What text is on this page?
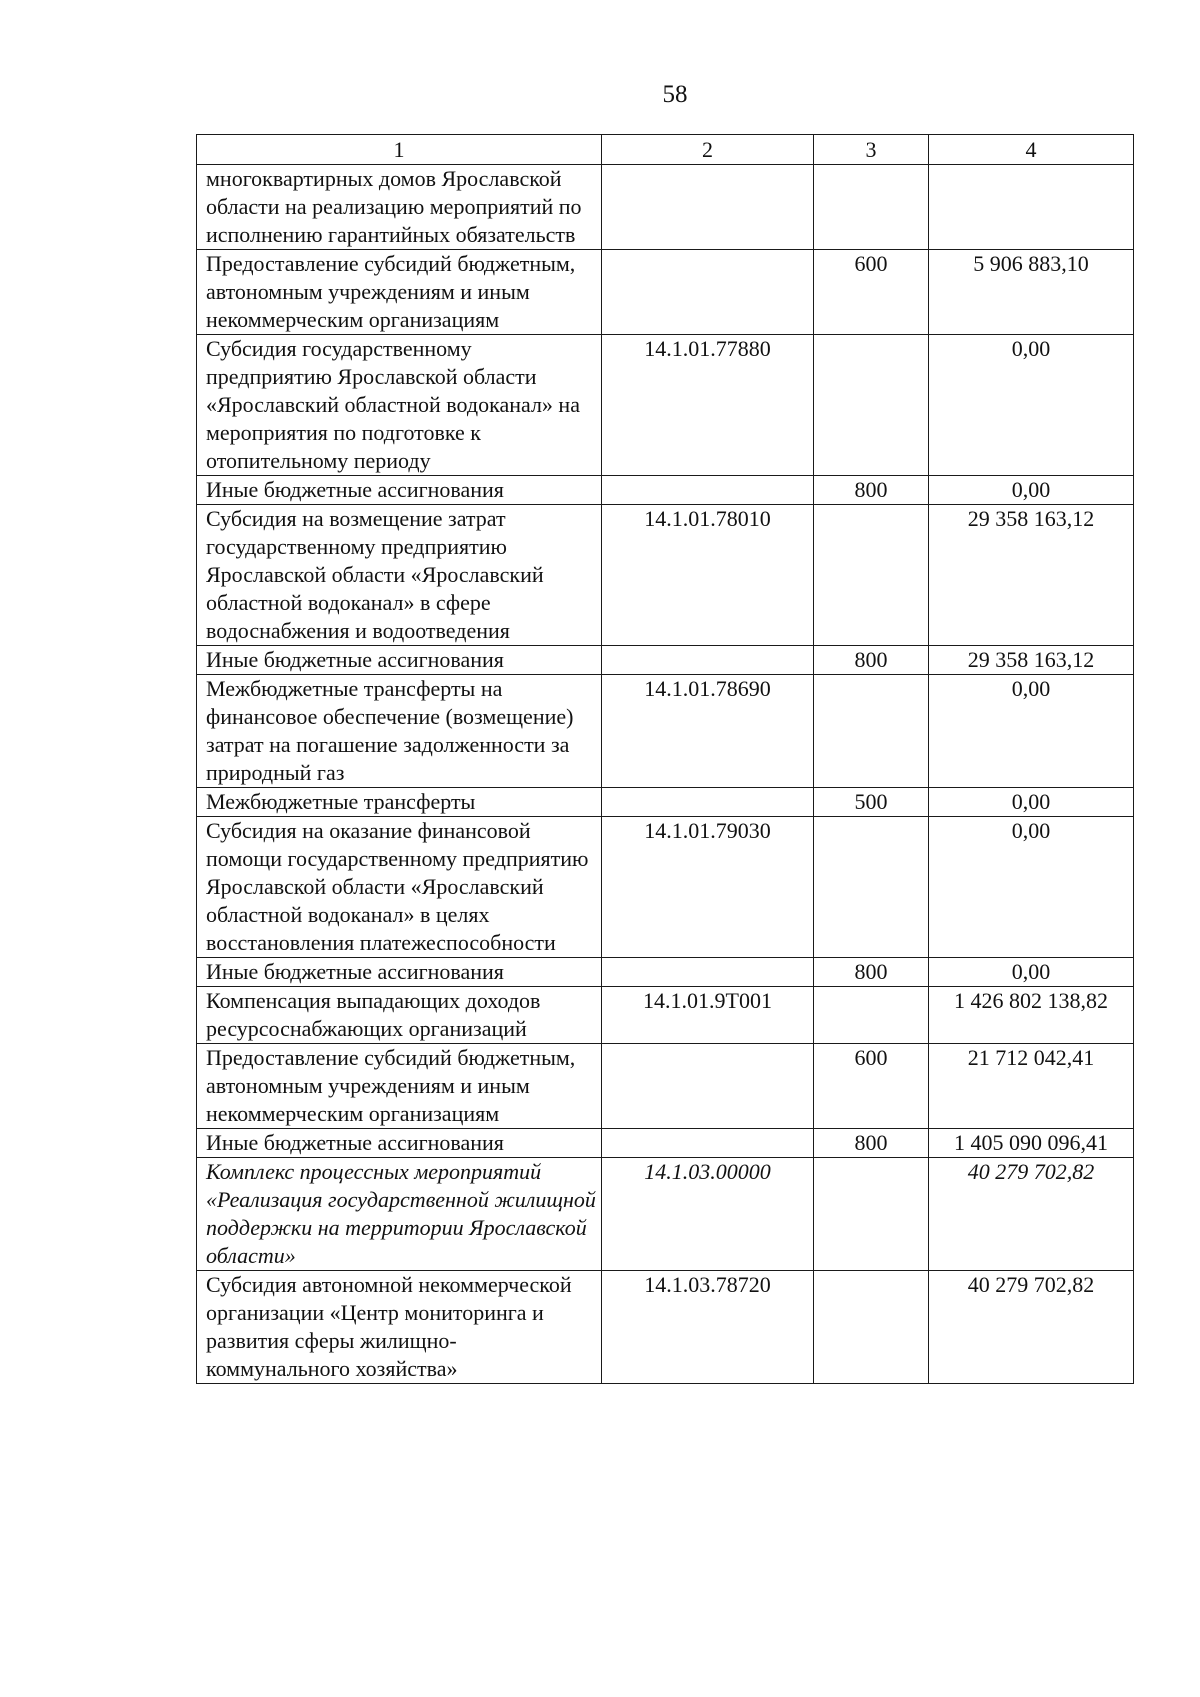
58
1	2	3	4
многоквартирных домов Ярославской области на реализацию мероприятий по исполнению гарантийных обязательств			
Предоставление субсидий бюджетным, автономным учреждениям и иным некоммерческим организациям		600	5 906 883,10
Субсидия государственному предприятию Ярославской области «Ярославский областной водоканал» на мероприятия по подготовке к отопительному периоду	14.1.01.77880		0,00
Иные бюджетные ассигнования		800	0,00
Субсидия на возмещение затрат государственному предприятию Ярославской области «Ярославский областной водоканал» в сфере водоснабжения и водоотведения	14.1.01.78010		29 358 163,12
Иные бюджетные ассигнования		800	29 358 163,12
Межбюджетные трансферты на финансовое обеспечение (возмещение) затрат на погашение задолженности за природный газ	14.1.01.78690		0,00
Межбюджетные трансферты		500	0,00
Субсидия на оказание финансовой помощи государственному предприятию Ярославской области «Ярославский областной водоканал» в целях восстановления платежеспособности	14.1.01.79030		0,00
Иные бюджетные ассигнования		800	0,00
Компенсация выпадающих доходов ресурсоснабжающих организаций	14.1.01.9Т001		1 426 802 138,82
Предоставление субсидий бюджетным, автономным учреждениям и иным некоммерческим организациям		600	21 712 042,41
Иные бюджетные ассигнования		800	1 405 090 096,41
Комплекс процессных мероприятий «Реализация государственной жилищной поддержки на территории Ярославской области»	14.1.03.00000		40 279 702,82
Субсидия автономной некоммерческой организации «Центр мониторинга и развития сферы жилищно-коммунального хозяйства»	14.1.03.78720		40 279 702,82
